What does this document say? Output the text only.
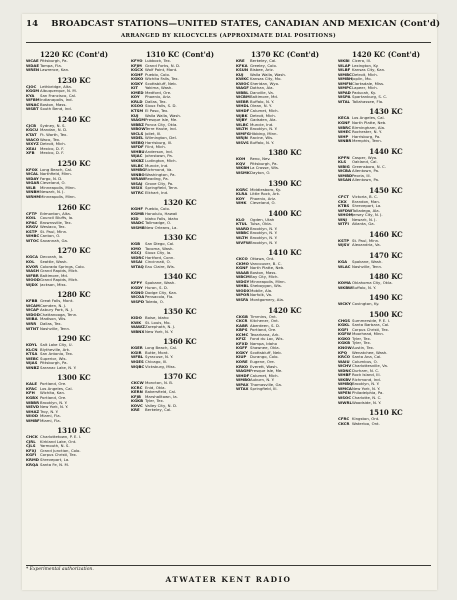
14 BROADCAST STATIONS—UNITED STATES, CANADIAN AND MEXICAN (Cont'd)
ARRANGED BY KILOCYCLES (APPROXIMATE DIAL POSITIONS)
1220 KC (Cont'd)
WCAE Pittsburgh, Pa.
WDAE Tampa, Fla.
WREN Lawrence, Kan.
1230 KC
CJOC Lethbridge, Alta.
KGGM Albuquerque, N. M.
KYA	San Francisco, Cal.
WFBM Indianapolis, Ind.
WNAC Boston, Mass.
WSBT South Bend, Ind.
1240 KC
CJCB	Sydney, N. S.
KGCU Mandan, N. D.
KTAT Ft. Worth, Tex.
WACO Waco, Tex.
WXYZ Detroit, Mich.
XEAI	Mexico, D. F.
XFB	Mexico, D. F.
1250 KC
KFOX Long Beach, Cal.
WCAL Northfield, Minn.
WDAY Fargo, N. D.
WGAR Cleveland, O.
WLB	Minneapolis, Minn.
WNBH Newark, N. J.
WRHM Minneapolis, Minn.
1260 KC
CFTP Edmonton, Alta.
KOIL	Council Bluffs, Ia.
KPAC Brownsville, Tex.
KRGV Weslaco, Tex.
KSTP St. Paul, Minn.
WHBC Canton, O.
WTOC Savannah, Ga.
1270 KC
KGCA Decorah, Ia.
KOL	Seattle, Wash.
KVOR Colorado Springs, Colo.
WASH Grand Rapids, Mich.
WFBR Baltimore, Md.
WOOD Grand Rapids, Mich.
WJDX Jackson, Miss.
1280 KC
KFBB Great Falls, Mont.
WCAM Camden, N. J.
WCAP Asbury Park, N. J.
WDOD Chattanooga, Tenn.
WIBA Madison, Wis.
WRR Dallas, Tex.
WTNT Nashville, Tenn.
1290 KC
KDYL Salt Lake City, U.
KLCN Blytheville, Ark.
KTSA San Antonio, Tex.
WEBC Superior, Wis.
WJAS Pittsburgh, Pa.
WNBZ Saranac Lake, N. Y.
1300 KC
KALE Portland, Ore.
KFAC Los Angeles, Cal.
KFH	Wichita, Kan.
KGBX Portland, Ore.
WBBR Brooklyn, N. Y.
WEVD New York, N. Y.
WHAZ Troy, N. Y.
WIOD Miami, Fla.
WMBF Miami, Fla.
1310 KC
CHCK Charlottetown, P. E. I.
CJRL	Kirkland Lake, Ont.
CJLS	Yarmouth, N. S.
KFXJ	Grand Junction, Colo.
KGFI Corpus Christi, Tex.
KRMD Shreveport, La.
KRQA Santa Fe, N. M.
1310 KC (Cont'd)
KFYO Lubbock, Tex.
KFJM Grand Forks, N. D.
KGCX Wolf Point, Mont.
KGHF Pueblo, Colo.
KGKO Wichita Falls, Tex.
KGKY Scottsbluff, Neb.
KIT	Yakima, Wash.
KMED Medford, Ore.
KOY	Phoenix, Ariz.
KRLD Dallas, Tex.
KSOO Sioux Falls, S. D.
KTSM El Paso, Tex.
KUJ	Walla Walla, Wash.
WAGM Presque Isle, Me.
WBBZ Ponca City, Okla.
WBOW Terre Haute, Ind.
WCLS Joliet, Ill.
WDEL Wilmington, Del.
WEBQ Harrisburg, Ill.
WFDF Flint, Mich.
WHBU Anderson, Ind.
WJAC Johnstown, Pa.
WKBZ Ludington, Mich.
WLBC Muncie, Ind.
WMBG Richmond, Va.
WNBO Washington, Pa.
WRAW Reading, Pa.
WSAJ Grove City, Pa.
WSIX Springfield, Tenn.
WTRC Elkhart, Ind.
1320 KC
KGHF Pueblo, Colo.
KGMB Honolulu, Hawaii
KID	Idaho Falls, Idaho
WADC Tallmadge, O.
WSMB New Orleans, La.
1330 KC
KGB	San Diego, Cal.
KMO	Tacoma, Wash.
KSCJ	Sioux City, Ia.
WDRC Hartford, Conn.
WSAI Cincinnati, O.
WTAQ Eau Claire, Wis.
1340 KC
KFPY Spokane, Wash.
KGDY Huron, S. D.
KGNO Dodge City, Kan.
WCOA Pensacola, Fla.
WSPD Toledo, O.
1350 KC
KIDO Boise, Idaho
KWK St. Louis, Mo.
WAWZ Zarephath, N. J.
WBNX New York, N. Y.
1360 KC
KGER Long Beach, Cal.
KGIR Butte, Mont.
WFBL Syracuse, N. Y.
WGES Chicago, Ill.
WQBC Vicksburg, Miss.
1370 KC
CKCW Moncton, N. B.
KCRC Enid, Okla.
KERN Bakersfield, Cal.
KFJB	Marshalltown, Ia.
KGKB Tyler, Tex.
KOVC Valley City, N. D.
KRE	Berkeley, Cal.
1370 KC (Cont'd)
KRE	Berkeley, Cal.
KFKA Greeley, Colo.
KSUN Bisbee, Ariz.
KUJ	Walla Walla, Wash.
KWKC Kansas City, Mo.
KWOC Sheridan, Wyo.
WAGF Dothan, Ala.
WBBL Danville, Va.
WCBM Baltimore, Md.
WEBR Buffalo, N. Y.
WHDL Olean, N. Y.
WHDF Calumet, Mich.
WJBK Detroit, Mich.
WJBY Gadsden, Ala.
WLBC Muncie, Ind.
WLTH Brooklyn, N. Y.
WMFG Hibbing, Minn.
WRJN Racine, Wis.
WSVS Buffalo, N. Y.
1380 KC
KOH	Reno, Nev.
KQV	Pittsburgh, Pa.
WKBH La Crosse, Wis.
WSMK Dayton, O.
1390 KC
KGRC Middlesboro, Ky.
KLRA Little Rock, Ark.
KOY	Phoenix, Ariz.
WHK Cleveland, O.
1400 KC
KLO	Ogden, Utah
KTUL Tulsa, Okla.
WARD Brooklyn, N. Y.
WBBC Brooklyn, N. Y.
WLTH Brooklyn, N. Y.
WVFW Brooklyn, N. Y.
1410 KC
CKCO Ottawa, Ont.
CKMO Vancouver, B. C.
KGNF North Platte, Neb.
WAAB Boston, Mass.
WBCM Bay City, Mich.
WDGY Minneapolis, Minn.
WHBL Sheboygan, Wis.
WODX Mobile, Ala.
WPOR Norfolk, Va.
WSFA Montgomery, Ala.
1420 KC
CKGB Timmins, Ont.
CKCR Kitchener, Ont.
KABR Aberdeen, S. D.
KBPS Portland, Ore.
KCMC Texarkana, Ark.
KFIZ	Fond du Lac, Wis.
KFXD Nampa, Idaho
KGFF Shawnee, Okla.
KGKY Scottsbluff, Neb.
KIUP Durango, Colo.
KORE Eugene, Ore.
KRKO Everett, Wash.
WAGM Presque Isle, Me.
WHDF Calumet, Mich.
WMBO Auburn, N. Y.
WPAX Thomasville, Ga.
WTAX Springfield, Ill.
1420 KC (Cont'd)
WKBI Cicero, Ill.
WLAP Lexington, Ky.
WLBF Kansas City, Kan.
WMBC Detroit, Mich.
WMBH Joplin, Mo.
WMFN Clarksdale, Miss.
WMPC Lapeer, Mich.
WPAD Paducah, Ky.
WSPA Spartanburg, S. C.
WTAL Tallahassee, Fla.
1430 KC
KECA Los Angeles, Cal.
KGNF North Platte, Neb.
WBRC Birmingham, Ala.
WHEC Rochester, N. Y.
WHP Harrisburg, Pa.
WNBR Memphis, Tenn.
1440 KC
KPFN Casper, Wyo.
KLS	Oakland, Cal.
WBIG Greensboro, N. C.
WCBA Allentown, Pa.
WMBD Peoria, Ill.
WSAN Allentown, Pa.
1450 KC
CFCT Victoria, B. C.
CKX	Brandon, Man.
KTBS Shreveport, La.
WFDW Talladega, Ala.
WHOM Jersey City, N. J.
WNJ	Newark, N. J.
WTFI Atlanta, Ga.
1460 KC
KSTP St. Paul, Minn.
WJSV Alexandria, Va.
1470 KC
KGA	Spokane, Wash.
WLAC Nashville, Tenn.
1480 KC
KOMA Oklahoma City, Okla.
WKBW Buffalo, N. Y.
1490 KC
WCKY Covington, Ky.
1500 KC
CHGS Summerside, P. E. I.
KGKL Santa Barbara, Cal.
KGFI Corpus Christi, Tex.
KGFW Moorhead, Minn.
KGKO Tyler, Tex.
KGKB Tyler, Tex.
KNOW Austin, Tex.
KPQ	Wenatchee, Wash.
KRCO Santa Ana, Cal.
WAIU Columbus, O.
WCHV Charlottesville, Va.
WDNC Durham, N. C.
WHBF Rock Island, Ill.
WKBV Richmond, Ind.
WMBQ Brooklyn, N. Y.
WMCA New York, N. Y.
WPEN Philadelphia, Pa.
WSOC Charlotte, N. C.
WWRL Woodside, N. Y.
1510 KC
CFRC Kingston, Ont.
CKCR Waterloo, Ont.
* Experimental authorization.
ATWATER KENT RADIO
